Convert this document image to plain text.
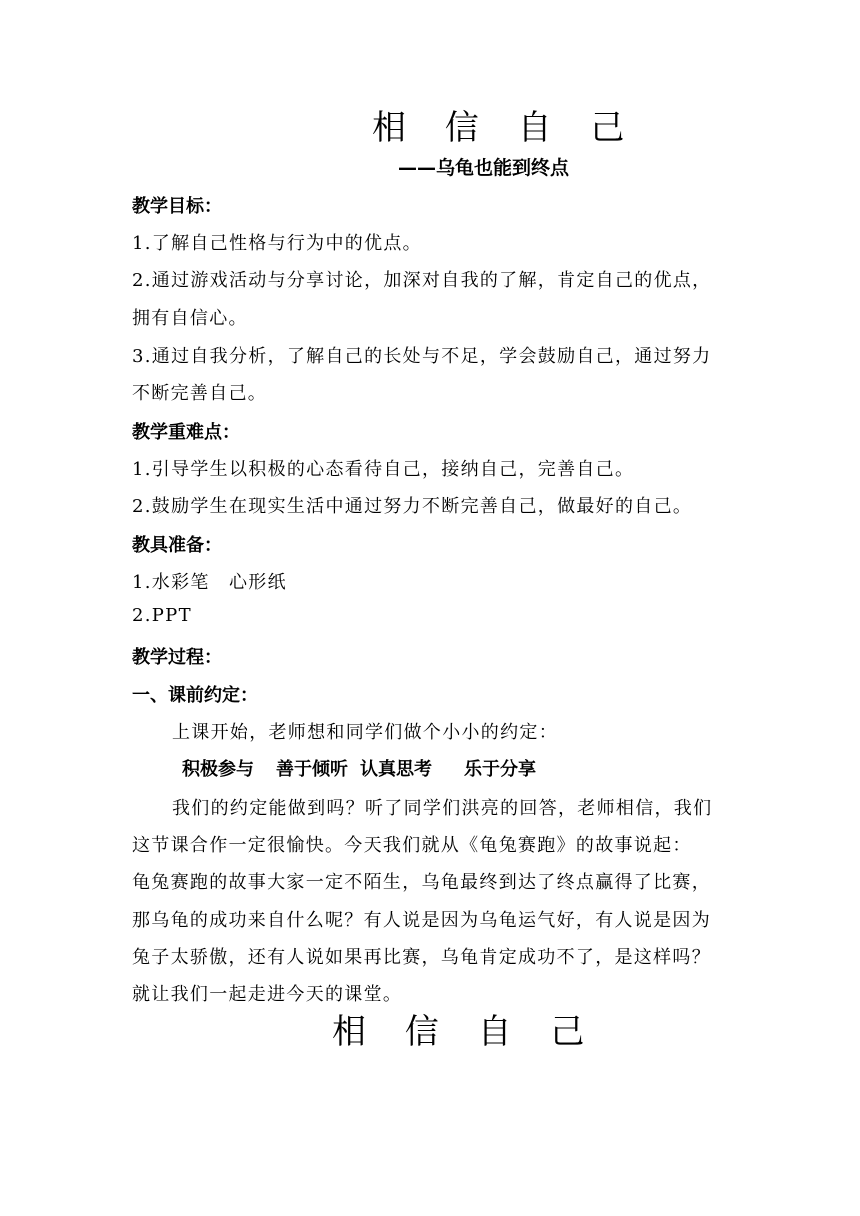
相 信 自 己
——乌龟也能到终点
教学目标：
1.了解自己性格与行为中的优点。
2.通过游戏活动与分享讨论，加深对自我的了解，肯定自己的优点，
拥有自信心。
3.通过自我分析，了解自己的长处与不足，学会鼓励自己，通过努力
不断完善自己。
教学重难点：
1.引导学生以积极的心态看待自己，接纳自己，完善自己。
2.鼓励学生在现实生活中通过努力不断完善自己，做最好的自己。
教具准备：
1.水彩笔　心形纸
2.PPT
教学过程：
一、课前约定：
上课开始，老师想和同学们做个小小的约定：
积极参与 善于倾听 认真思考 乐于分享
我们的约定能做到吗？听了同学们洪亮的回答，老师相信，我们
这节课合作一定很愉快。今天我们就从《龟兔赛跑》的故事说起：
龟兔赛跑的故事大家一定不陌生，乌龟最终到达了终点赢得了比赛，
那乌龟的成功来自什么呢？有人说是因为乌龟运气好，有人说是因为
兔子太骄傲，还有人说如果再比赛，乌龟肯定成功不了，是这样吗？
就让我们一起走进今天的课堂。
相 信 自 己
